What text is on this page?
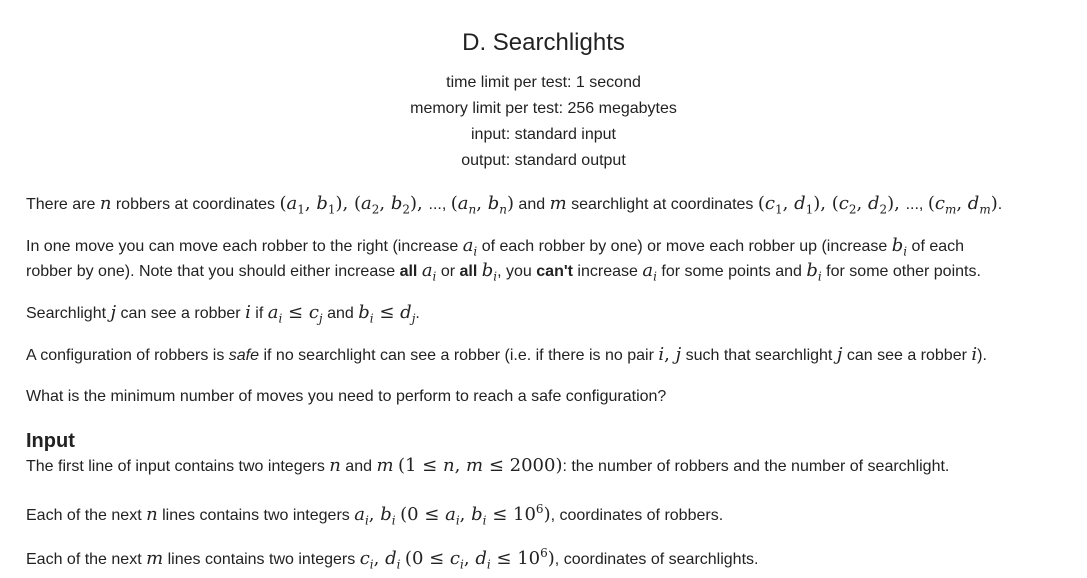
D. Searchlights
time limit per test: 1 second
memory limit per test: 256 megabytes
input: standard input
output: standard output
There are n robbers at coordinates ($a_1$, $b_1$), ($a_2$, $b_2$), ..., ($a_n$, $b_n$) and m searchlight at coordinates ($c_1$, $d_1$), ($c_2$, $d_2$), ..., ($c_m$, $d_m$).
In one move you can move each robber to the right (increase $a_i$ of each robber by one) or move each robber up (increase $b_i$ of each
robber by one). Note that you should either increase all $a_i$ or all $b_i$, you can't increase $a_i$ for some points and $b_i$ for some other points.
Searchlight j can see a robber i if $a_i \le c_j$ and $b_i \le d_j$.
A configuration of robbers is safe if no searchlight can see a robber (i.e. if there is no pair i, j such that searchlight j can see a robber i).
What is the minimum number of moves you need to perform to reach a safe configuration?
Input
The first line of input contains two integers n and m (1 ≤ n, m ≤ 2000): the number of robbers and the number of searchlight.
Each of the next n lines contains two integers $a_i$, $b_i$ ($0 \le a_i$, $b_i \le 10^6$), coordinates of robbers.
Each of the next m lines contains two integers $c_i$, $d_i$ ($0 \le c_i$, $d_i \le 10^6$), coordinates of searchlights.
